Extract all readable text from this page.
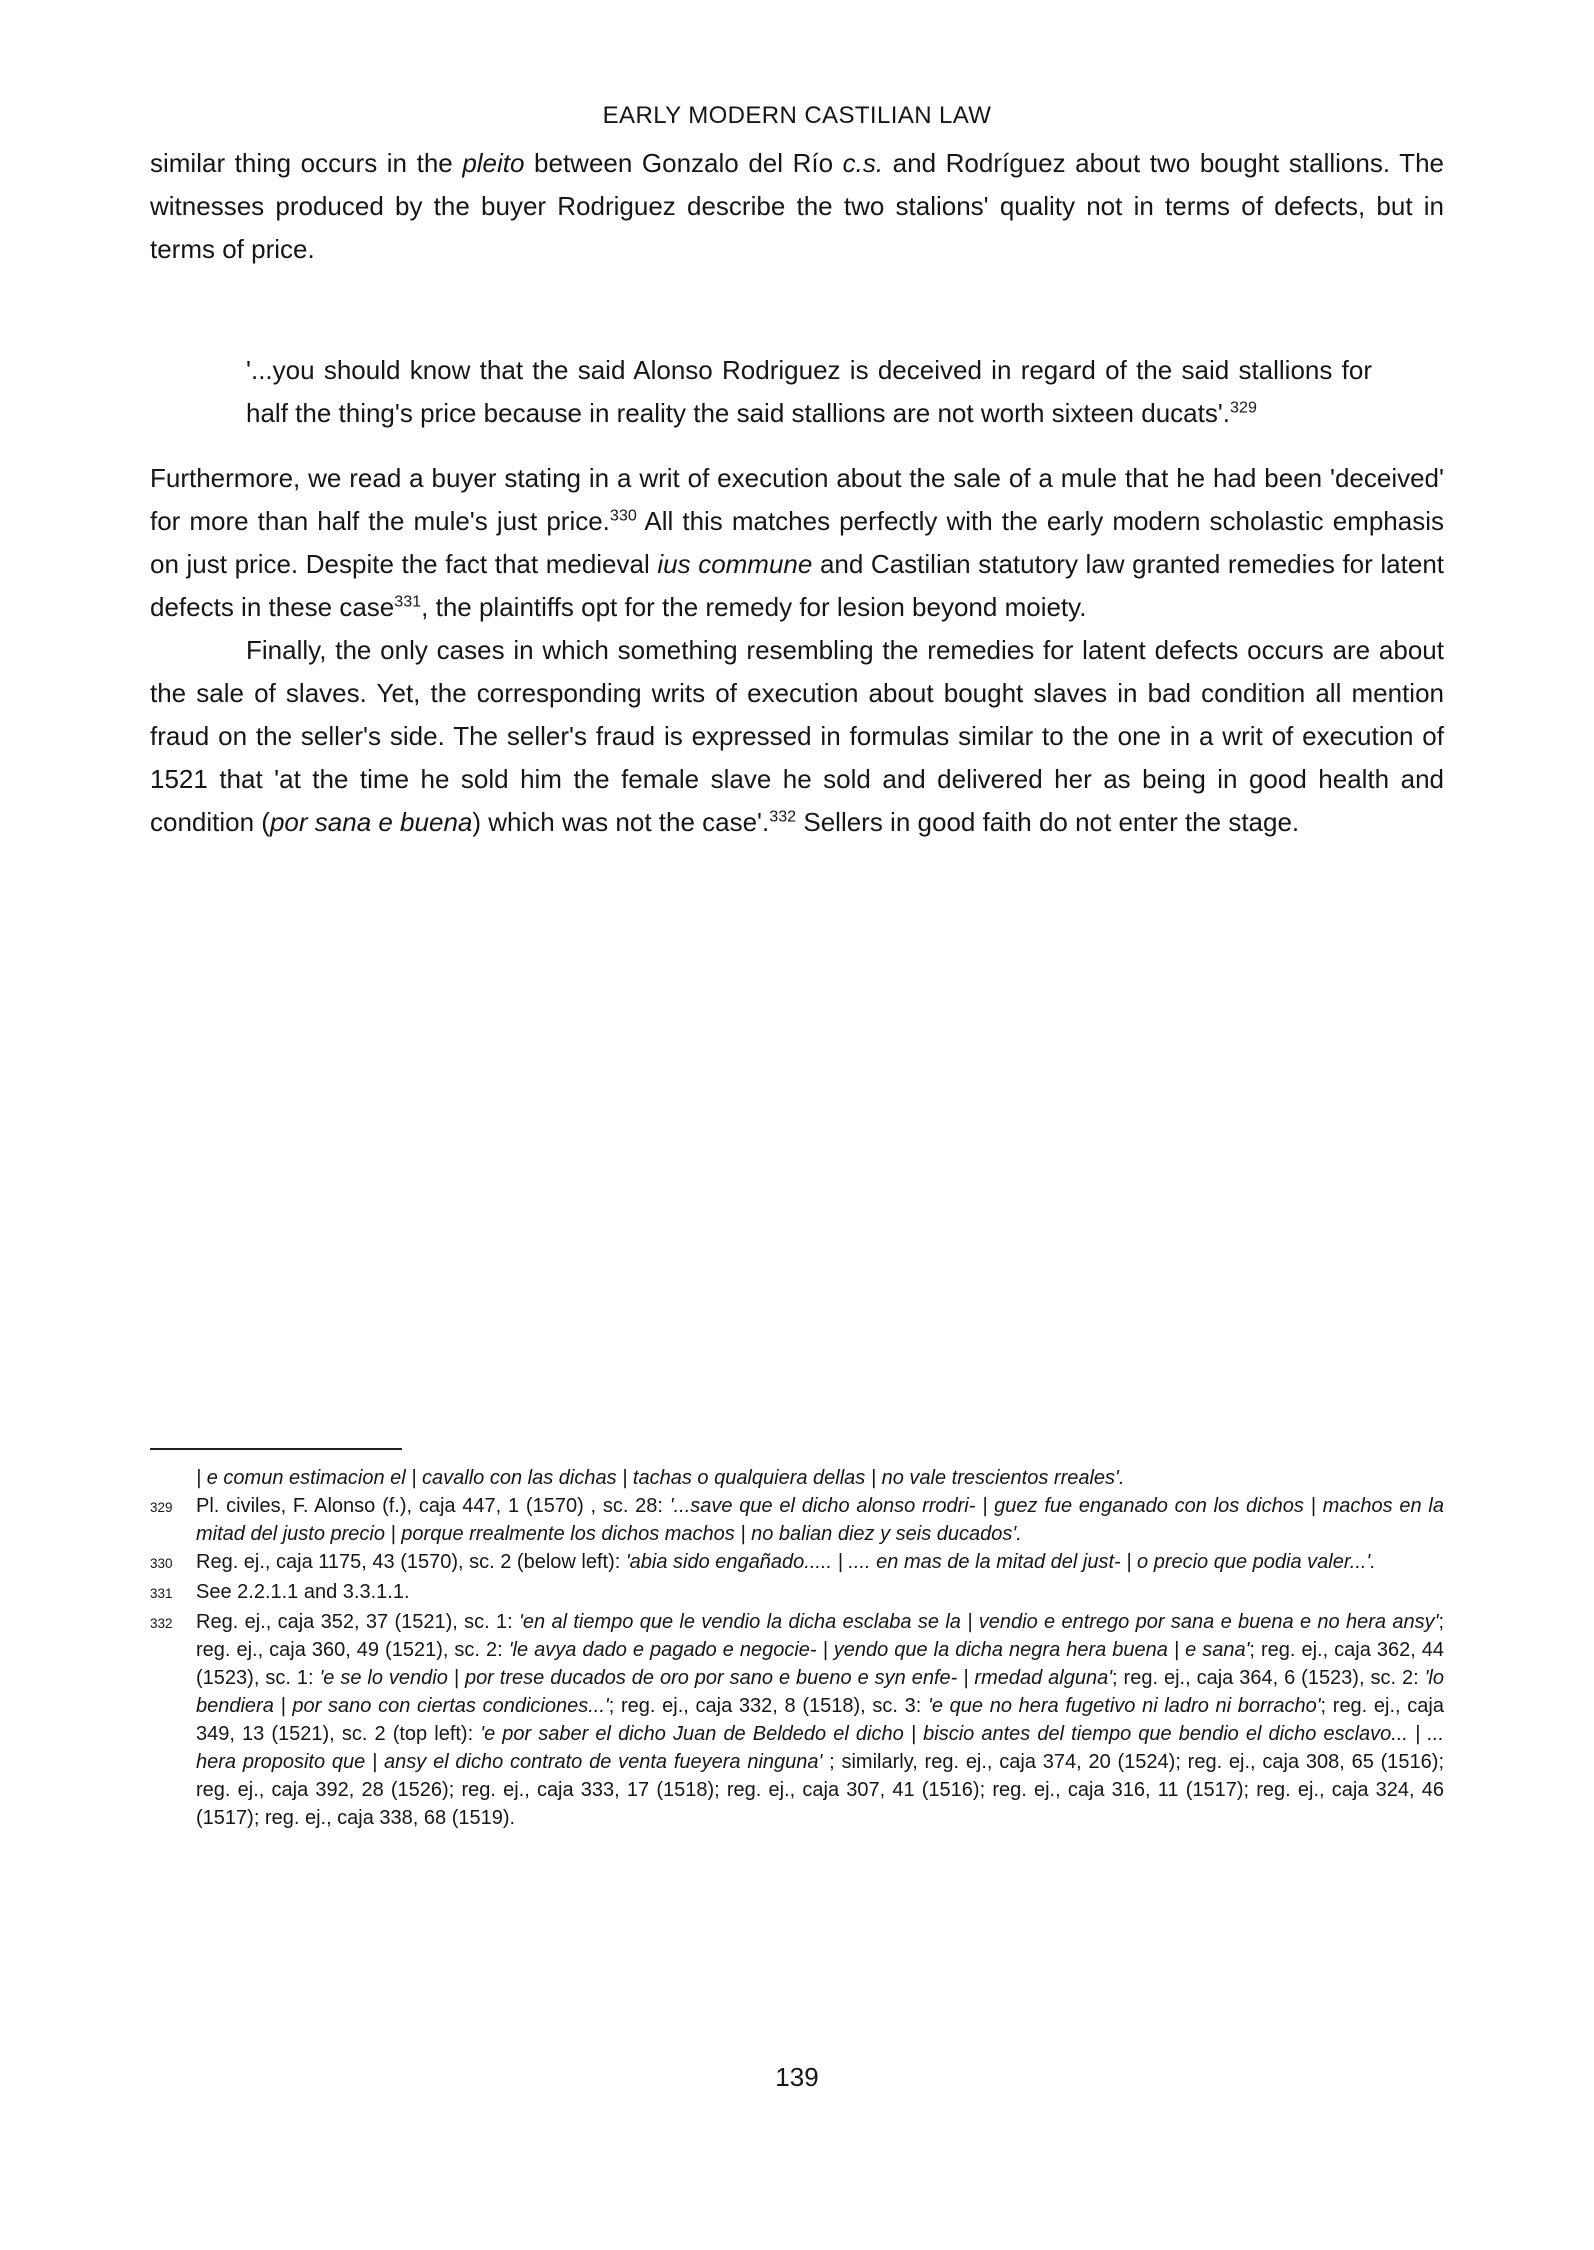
EARLY MODERN CASTILIAN LAW

similar thing occurs in the pleito between Gonzalo del Río c.s. and Rodríguez about two bought stallions. The witnesses produced by the buyer Rodriguez describe the two stalions' quality not in terms of defects, but in terms of price.

'...you should know that the said Alonso Rodriguez is deceived in regard of the said stallions for half the thing's price because in reality the said stallions are not worth sixteen ducats'.$^{329}$

Furthermore, we read a buyer stating in a writ of execution about the sale of a mule that he had been 'deceived' for more than half the mule's just price.$^{330}$ All this matches perfectly with the early modern scholastic emphasis on just price. Despite the fact that medieval ius commune and Castilian statutory law granted remedies for latent defects in these case$^{331}$, the plaintiffs opt for the remedy for lesion beyond moiety.

Finally, the only cases in which something resembling the remedies for latent defects occurs are about the sale of slaves. Yet, the corresponding writs of execution about bought slaves in bad condition all mention fraud on the seller's side. The seller's fraud is expressed in formulas similar to the one in a writ of execution of 1521 that 'at the time he sold him the female slave he sold and delivered her as being in good health and condition (por sana e buena) which was not the case'.$^{332}$ Sellers in good faith do not enter the stage.

| e comun estimacion el | cavallo con las dichas | tachas o qualquiera dellas | no vale trescientos rreales'.
329	Pl. civiles, F. Alonso (f.), caja 447, 1 (1570) , sc. 28: '...save que el dicho alonso rrodri- | guez fue enganado con los dichos | machos en la mitad del justo precio | porque rrealmente los dichos machos | no balian diez y seis ducados'.
330	Reg. ej., caja 1175, 43 (1570), sc. 2 (below left): 'abia sido engañado..... | .... en mas de la mitad del just- | o precio que podia valer...'.
331	See 2.2.1.1 and 3.3.1.1.
332	Reg. ej., caja 352, 37 (1521), sc. 1: 'en al tiempo que le vendio la dicha esclaba se la | vendio e entrego por sana e buena e no hera ansy'; reg. ej., caja 360, 49 (1521), sc. 2: 'le avya dado e pagado e negocie- | yendo que la dicha negra hera buena | e sana'; reg. ej., caja 362, 44 (1523), sc. 1: 'e se lo vendio | por trese ducados de oro por sano e bueno e syn enfe- | rmedad alguna'; reg. ej., caja 364, 6 (1523), sc. 2: 'lo bendiera | por sano con ciertas condiciones...'; reg. ej., caja 332, 8 (1518), sc. 3: 'e que no hera fugetivo ni ladro ni borracho'; reg. ej., caja 349, 13 (1521), sc. 2 (top left): 'e por saber el dicho Juan de Beldedo el dicho | biscio antes del tiempo que bendio el dicho esclavo... | ... hera proposito que | ansy el dicho contrato de venta fueyera ninguna' ; similarly, reg. ej., caja 374, 20 (1524); reg. ej., caja 308, 65 (1516); reg. ej., caja 392, 28 (1526); reg. ej., caja 333, 17 (1518); reg. ej., caja 307, 41 (1516); reg. ej., caja 316, 11 (1517); reg. ej., caja 324, 46 (1517); reg. ej., caja 338, 68 (1519).
139
